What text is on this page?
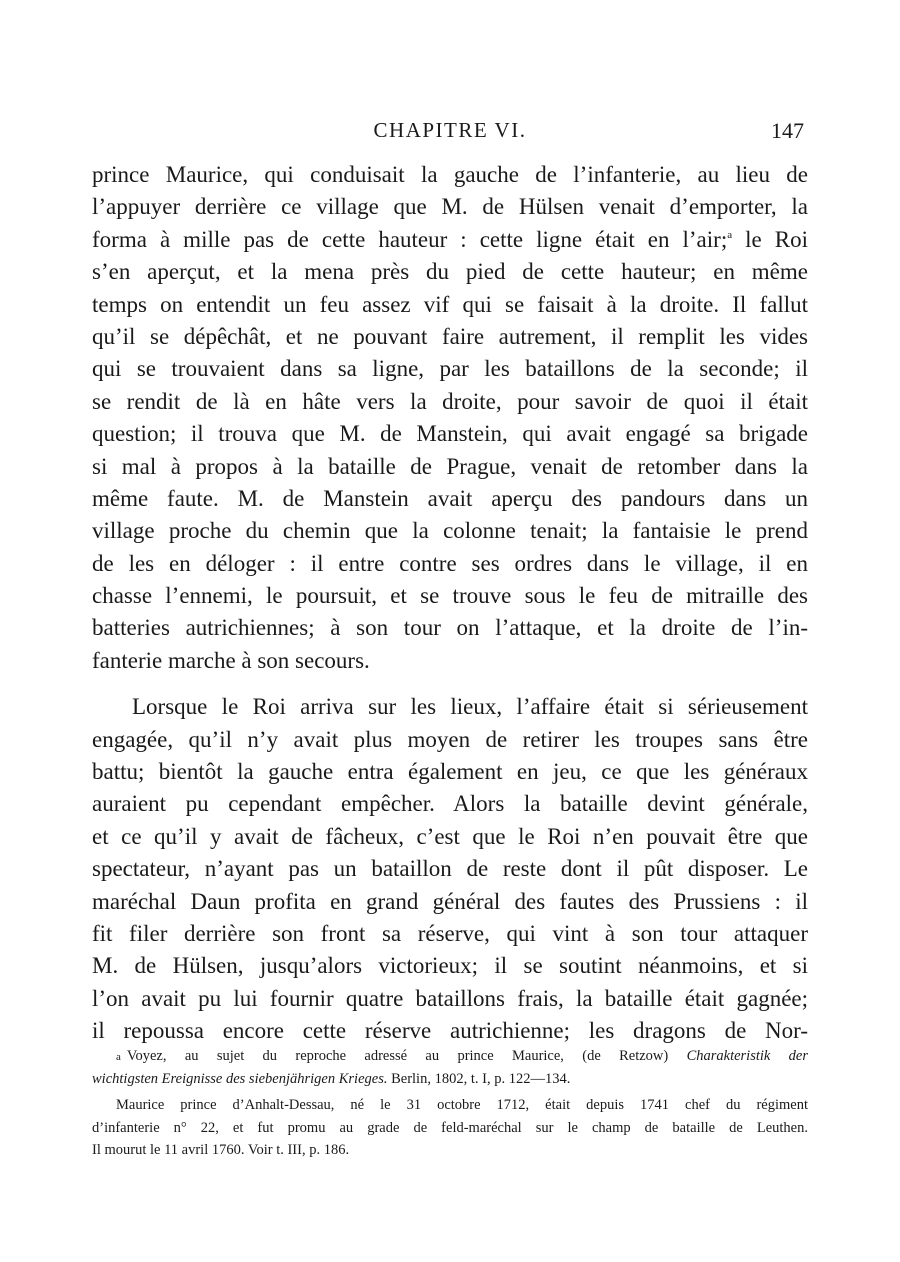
CHAPITRE VI.	147
prince Maurice, qui conduisait la gauche de l’infanterie, au lieu de
l’appuyer derrière ce village que M. de Hülsen venait d’emporter, la
forma à mille pas de cette hauteur : cette ligne était en l’air;$^a$ le Roi
s’en aperçut, et la mena près du pied de cette hauteur; en même
temps on entendit un feu assez vif qui se faisait à la droite. Il fallut
qu’il se dépêchât, et ne pouvant faire autrement, il remplit les vides
qui se trouvaient dans sa ligne, par les bataillons de la seconde; il
se rendit de là en hâte vers la droite, pour savoir de quoi il était
question; il trouva que M. de Manstein, qui avait engagé sa brigade
si mal à propos à la bataille de Prague, venait de retomber dans la
même faute. M. de Manstein avait aperçu des pandours dans un
village proche du chemin que la colonne tenait; la fantaisie le prend
de les en déloger : il entre contre ses ordres dans le village, il en
chasse l’ennemi, le poursuit, et se trouve sous le feu de mitraille des
batteries autrichiennes; à son tour on l’attaque, et la droite de l’in-
fanterie marche à son secours.
Lorsque le Roi arriva sur les lieux, l’affaire était si sérieusement
engagée, qu’il n’y avait plus moyen de retirer les troupes sans être
battu; bientôt la gauche entra également en jeu, ce que les généraux
auraient pu cependant empêcher. Alors la bataille devint générale,
et ce qu’il y avait de fâcheux, c’est que le Roi n’en pouvait être que
spectateur, n’ayant pas un bataillon de reste dont il pût disposer. Le
maréchal Daun profita en grand général des fautes des Prussiens : il
fit filer derrière son front sa réserve, qui vint à son tour attaquer
M. de Hülsen, jusqu’alors victorieux; il se soutint néanmoins, et si
l’on avait pu lui fournir quatre bataillons frais, la bataille était gagnée;
il repoussa encore cette réserve autrichienne; les dragons de Nor-
a Voyez, au sujet du reproche adressé au prince Maurice, (de Retzow) Charakteristik der
wichtigsten Ereignisse des siebenjährigen Krieges. Berlin, 1802, t. I, p. 122—134.
Maurice prince d’Anhalt-Dessau, né le 31 octobre 1712, était depuis 1741 chef du régiment
d’infanterie n° 22, et fut promu au grade de feld-maréchal sur le champ de bataille de Leuthen.
Il mourut le 11 avril 1760. Voir t. III, p. 186.
